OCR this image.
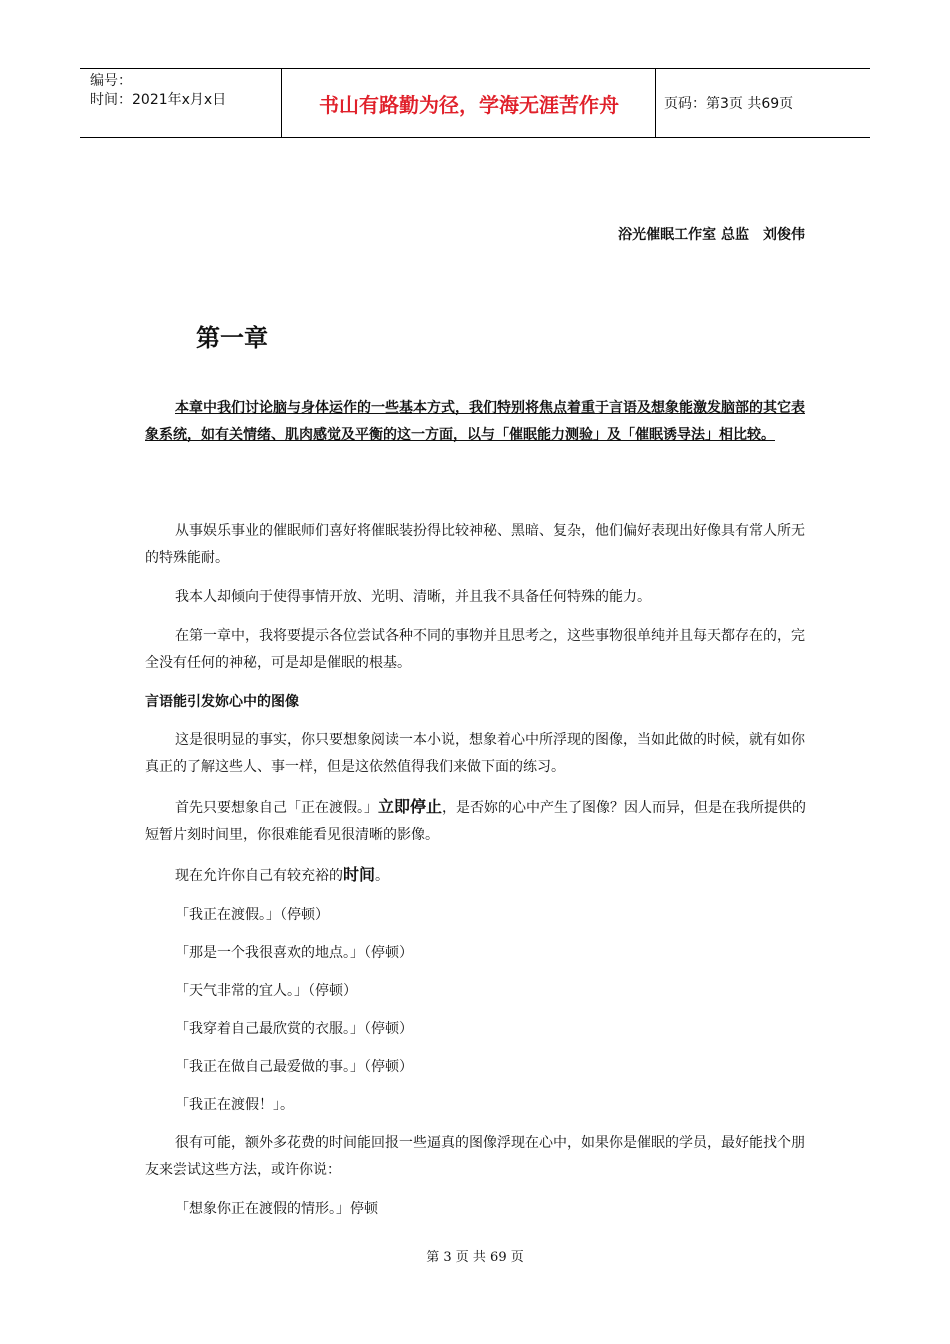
编号：
时间：2021年x月x日	书山有路勤为径，学海无涯苦作舟	页码：第3页 共69页
浴光催眠工作室 总监　刘俊伟
第一章
本章中我们讨论脑与身体运作的一些基本方式，我们特别将焦点着重于言语及想象能激发脑部的其它表象系统，如有关情绪、肌肉感觉及平衡的这一方面，以与「催眠能力测验」及「催眠诱导法」相比较。

从事娱乐事业的催眠师们喜好将催眠装扮得比较神秘、黑暗、复杂，他们偏好表现出好像具有常人所无的特殊能耐。

我本人却倾向于使得事情开放、光明、清晰，并且我不具备任何特殊的能力。

在第一章中，我将要提示各位尝试各种不同的事物并且思考之，这些事物很单纯并且每天都存在的，完全没有任何的神秘，可是却是催眠的根基。

言语能引发妳心中的图像

这是很明显的事实，你只要想象阅读一本小说，想象着心中所浮现的图像，当如此做的时候，就有如你真正的了解这些人、事一样，但是这依然值得我们来做下面的练习。

首先只要想象自己「正在渡假。」立即停止，是否妳的心中产生了图像？因人而异，但是在我所提供的短暂片刻时间里，你很难能看见很清晰的影像。

现在允许你自己有较充裕的时间。

「我正在渡假。」（停顿）

「那是一个我很喜欢的地点。」（停顿）

「天气非常的宜人。」（停顿）

「我穿着自己最欣赏的衣服。」（停顿）

「我正在做自己最爱做的事。」（停顿）

「我正在渡假！」。

很有可能，额外多花费的时间能回报一些逼真的图像浮现在心中，如果你是催眠的学员，最好能找个朋友来尝试这些方法，或许你说：

「想象你正在渡假的情形。」停顿

第 3 页 共 69 页
